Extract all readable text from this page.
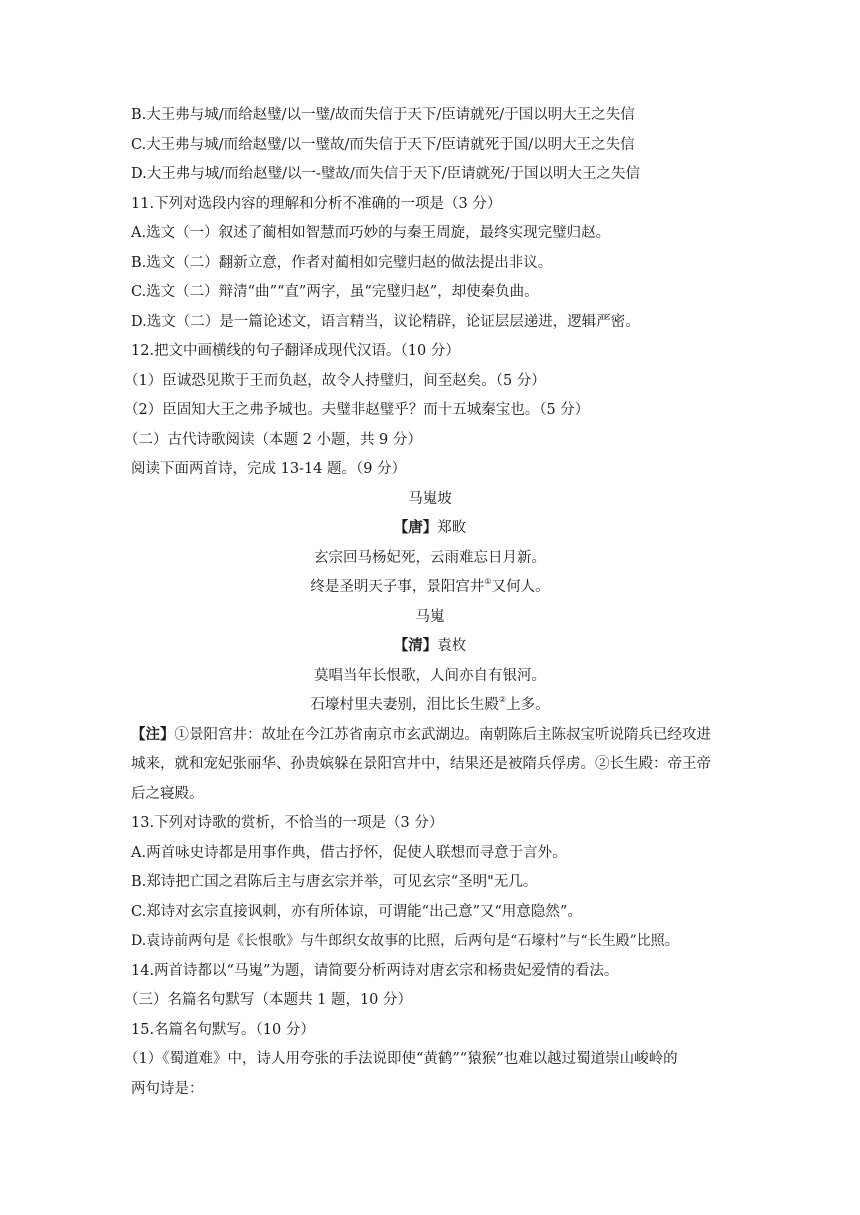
B.大王弗与城/而给赵璧/以一璧/故而失信于天下/臣请就死/于国以明大王之失信
C.大王弗与城/而给赵璧/以一璧故/而失信于天下/臣请就死于国/以明大王之失信
D.大王弗与城/而绐赵璧/以一-璧故/而失信于天下/臣请就死/于国以明大王之失信
11.下列对选段内容的理解和分析不准确的一项是（3 分）
A.选文（一）叙述了蔺相如智慧而巧妙的与秦王周旋，最终实现完璧归赵。
B.选文（二）翻新立意，作者对蔺相如完璧归赵的做法提出非议。
C.选文（二）辩清“曲”“直”两字，虽“完璧归赵”，却使秦负曲。
D.选文（二）是一篇论述文，语言精当，议论精辟，论证层层递进，逻辑严密。
12.把文中画横线的句子翻译成现代汉语。（10 分）
（1）臣诚恐见欺于王而负赵，故令人持璧归，间至赵矣。（5 分）
（2）臣固知大王之弗予城也。夫璧非赵璧乎？而十五城秦宝也。（5 分）
（二）古代诗歌阅读（本题 2 小题，共 9 分）
阅读下面两首诗，完成 13-14 题。（9 分）
马嵬坡
【唐】郑畋
玄宗回马杨妃死，云雨难忘日月新。
终是圣明天子事，景阳宫井①又何人。
马嵬
【清】袁枚
莫唱当年长恨歌，人间亦自有银河。
石壕村里夫妻别，泪比长生殿②上多。
【注】①景阳宫井：故址在今江苏省南京市玄武湖边。南朝陈后主陈叔宝听说隋兵已经攻进
城来，就和宠妃张丽华、孙贵嫔躲在景阳宫井中，结果还是被隋兵俘虏。②长生殿：帝王帝
后之寝殿。
13.下列对诗歌的赏析，不恰当的一项是（3 分）
A.两首咏史诗都是用事作典，借古抒怀，促使人联想而寻意于言外。
B.郑诗把亡国之君陈后主与唐玄宗并举，可见玄宗“圣明"无几。
C.郑诗对玄宗直接讽刺，亦有所体谅，可谓能“出己意”又“用意隐然”。
D.袁诗前两句是《长恨歌》与牛郎织女故事的比照，后两句是“石壕村”与“长生殿”比照。
14.两首诗都以“马嵬”为题，请简要分析两诗对唐玄宗和杨贵妃爱情的看法。
（三）名篇名句默写（本题共 1 题，10 分）
15.名篇名句默写。（10 分）
（1）《蜀道难》中，诗人用夸张的手法说即使“黄鹤”“猿猴”也难以越过蜀道崇山峻岭的
两句诗是：
